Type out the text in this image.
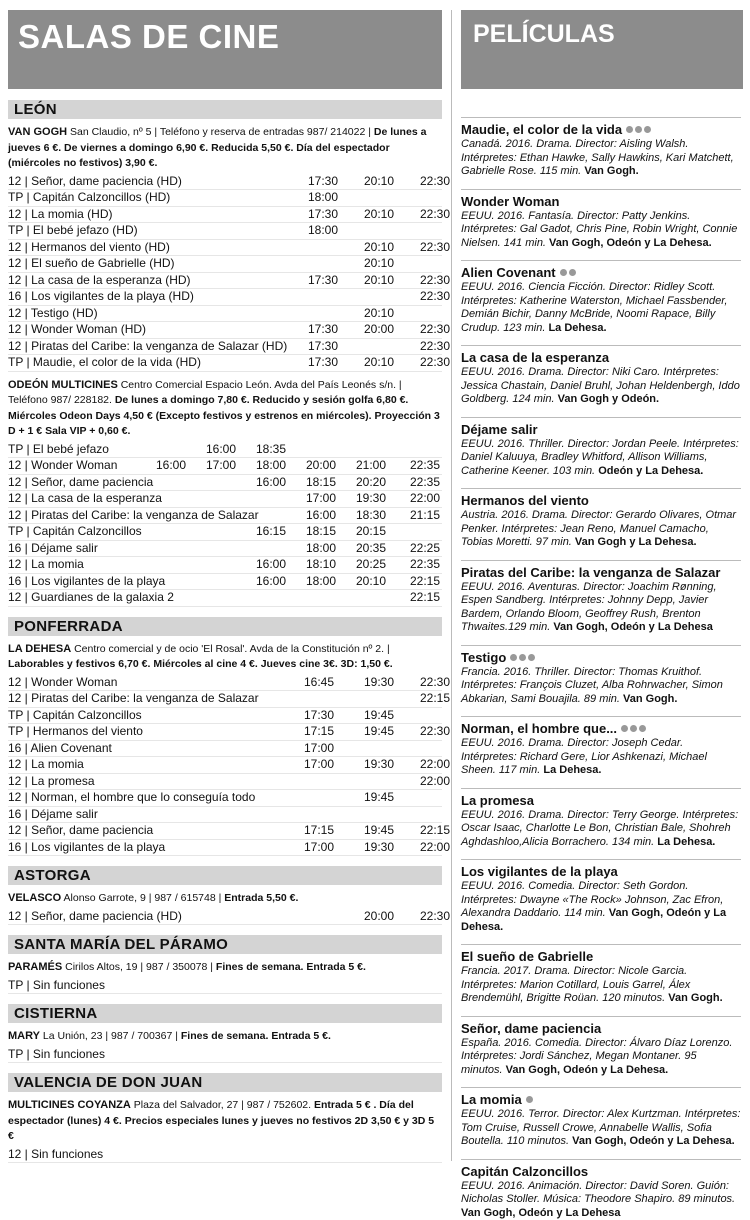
SALAS DE CINE
LEÓN
VAN GOGH San Claudio, nº 5 | Teléfono y reserva de entradas 987/ 214022 | De lunes a jueves 6 €. De viernes a domingo 6,90 €. Reducida 5,50 €. Día del espectador (miércoles no festivos) 3,90 €.
12 | Señor, dame paciencia (HD)	17:30	20:10	22:30
TP | Capitán Calzoncillos (HD)	18:00
12 | La momia (HD)	17:30	20:10	22:30
TP | El bebé jefazo (HD)	18:00
12 | Hermanos del viento (HD)	20:10	22:30
12 | El sueño de Gabrielle (HD)	20:10
12 | La casa de la esperanza (HD)	17:30	20:10	22:30
16 | Los vigilantes de la playa (HD)	22:30
12 | Testigo (HD)	20:10
12 | Wonder Woman (HD)	17:30	20:00	22:30
12 | Piratas del Caribe: la venganza de Salazar (HD)	17:30	22:30
TP | Maudie, el color de la vida (HD)	17:30	20:10	22:30
ODEÓN MULTICINES Centro Comercial Espacio León. Avda del País Leonés s/n. | Teléfono 987/ 228182. De lunes a domingo 7,80 €. Reducido y sesión golfa 6,80 €. Miércoles Odeon Days 4,50 € (Excepto festivos y estrenos en miércoles). Proyección 3 D + 1 € Sala VIP + 0,60 €.
TP | El bebé jefazo	16:00	18:35
12 | Wonder Woman	16:00	17:00	18:00	20:00	21:00	22:35
12 | Señor, dame paciencia	16:00	18:15	20:20	22:35
12 | La casa de la esperanza	17:00	19:30	22:00
12 | Piratas del Caribe: la venganza de Salazar	16:00	18:30	21:15
TP | Capitán Calzoncillos	16:15	18:15	20:15
16 | Déjame salir	18:00	20:35	22:25
12 | La momia	16:00	18:10	20:25	22:35
16 | Los vigilantes de la playa	16:00	18:00	20:10	22:15
12 | Guardianes de la galaxia 2	22:15
PONFERRADA
LA DEHESA Centro comercial y de ocio 'El Rosal'. Avda de la Constitución nº 2. | Laborables y festivos 6,70 €. Miércoles al cine 4 €. Jueves cine 3€. 3D: 1,50 €.
12 | Wonder Woman	16:45	19:30	22:30
12 | Piratas del Caribe: la venganza de Salazar	22:15
TP | Capitán Calzoncillos	17:30	19:45
TP | Hermanos del viento	17:15	19:45	22:30
16 | Alien Covenant	17:00
12 | La momia	17:00	19:30	22:00
12 | La promesa	22:00
12 | Norman, el hombre que lo conseguía todo	19:45
16 | Déjame salir
12 | Señor, dame paciencia	17:15	19:45	22:15
16 | Los vigilantes de la playa	17:00	19:30	22:00
ASTORGA
VELASCO Alonso Garrote, 9 | 987 / 615748 | Entrada 5,50 €.
12 | Señor, dame paciencia (HD)	20:00	22:30
SANTA MARÍA DEL PÁRAMO
PARAMÉS Cirilos Altos, 19 | 987 / 350078 | Fines de semana. Entrada 5 €.
TP | Sin funciones
CISTIERNA
MARY La Unión, 23 | 987 / 700367 | Fines de semana. Entrada 5 €.
TP | Sin funciones
VALENCIA DE DON JUAN
MULTICINES COYANZA Plaza del Salvador, 27 | 987 / 752602. Entrada 5 € . Día del espectador (lunes) 4 €. Precios especiales lunes y jueves no festivos 2D 3,50 € y 3D 5 €
12 | Sin funciones
PELÍCULAS
Maudie, el color de la vida
Canadá. 2016. Drama. Director: Aisling Walsh. Intérpretes: Ethan Hawke, Sally Hawkins, Kari Matchett, Gabrielle Rose. 115 min. Van Gogh.
Wonder Woman
EEUU. 2016. Fantasía. Director: Patty Jenkins. Intérpretes: Gal Gadot, Chris Pine, Robin Wright, Connie Nielsen. 141 min. Van Gogh, Odeón y La Dehesa.
Alien Covenant
EEUU. 2016. Ciencia Ficción. Director: Ridley Scott. Intérpretes: Katherine Waterston, Michael Fassbender, Demián Bichir, Danny McBride, Noomi Rapace, Billy Crudup. 123 min. La Dehesa.
La casa de la esperanza
EEUU. 2016. Drama. Director: Niki Caro. Intérpretes: Jessica Chastain, Daniel Bruhl, Johan Heldenbergh, Iddo Goldberg. 124 min. Van Gogh y Odeón.
Déjame salir
EEUU. 2016. Thriller. Director: Jordan Peele. Intérpretes: Daniel Kaluuya, Bradley Whitford, Allison Williams, Catherine Keener. 103 min. Odeón y La Dehesa.
Hermanos del viento
Austria. 2016. Drama. Director: Gerardo Olivares, Otmar Penker. Intérpretes: Jean Reno, Manuel Camacho, Tobias Moretti. 97 min. Van Gogh y La Dehesa.
Piratas del Caribe: la venganza de Salazar
EEUU. 2016. Aventuras. Director: Joachim Rønning, Espen Sandberg. Intérpretes: Johnny Depp, Javier Bardem, Orlando Bloom, Geoffrey Rush, Brenton Thwaites.129 min. Van Gogh, Odeón y La Dehesa
Testigo
Francia. 2016. Thriller. Director: Thomas Kruithof. Intérpretes: François Cluzet, Alba Rohrwacher, Simon Abkarian, Sami Bouajila. 89 min. Van Gogh.
Norman, el hombre que...
EEUU. 2016. Drama. Director: Joseph Cedar. Intérpretes: Richard Gere, Lior Ashkenazi, Michael Sheen. 117 min. La Dehesa.
La promesa
EEUU. 2016. Drama. Director: Terry George. Intérpretes: Oscar Isaac, Charlotte Le Bon, Christian Bale, Shohreh Aghdashloo,Alicia Borrachero. 134 min. La Dehesa.
Los vigilantes de la playa
EEUU. 2016. Comedia. Director: Seth Gordon. Intérpretes: Dwayne «The Rock» Johnson, Zac Efron, Alexandra Daddario. 114 min. Van Gogh, Odeón y La Dehesa.
El sueño de Gabrielle
Francia. 2017. Drama. Director: Nicole Garcia. Intérpretes: Marion Cotillard, Louis Garrel, Álex Brendemühl, Brigitte Roüan. 120 minutos. Van Gogh.
Señor, dame paciencia
España. 2016. Comedia. Director: Álvaro Díaz Lorenzo. Intérpretes: Jordi Sánchez, Megan Montaner. 95 minutos. Van Gogh, Odeón y La Dehesa.
La momia
EEUU. 2016. Terror. Director: Alex Kurtzman. Intérpretes: Tom Cruise, Russell Crowe, Annabelle Wallis, Sofia Boutella. 110 minutos. Van Gogh, Odeón y La Dehesa.
Capitán Calzoncillos
EEUU. 2016. Animación. Director: David Soren. Guión: Nicholas Stoller. Música: Theodore Shapiro. 89 minutos. Van Gogh, Odeón y La Dehesa
